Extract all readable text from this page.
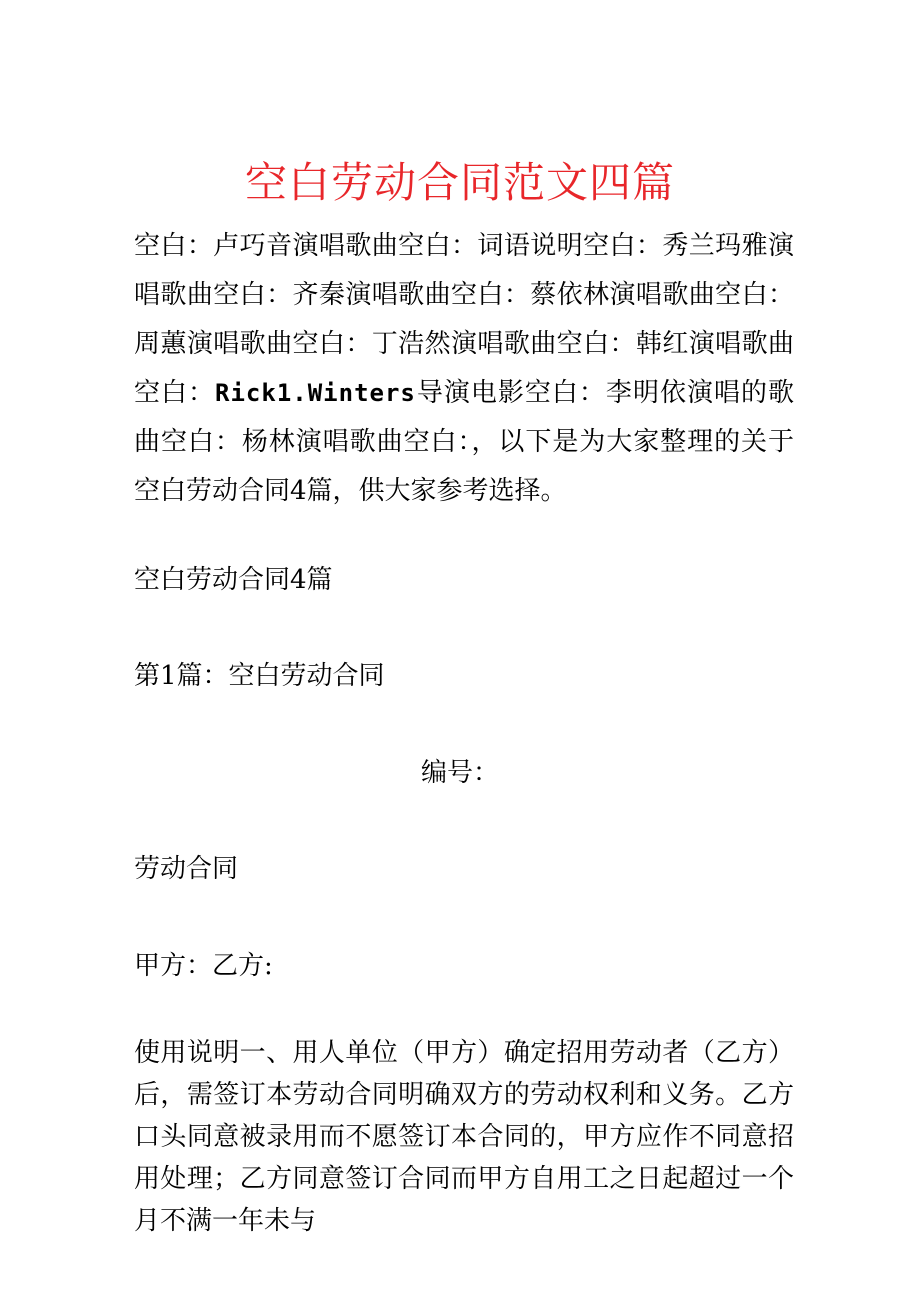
空白劳动合同范文四篇

空白：卢巧音演唱歌曲空白：词语说明空白：秀兰玛雅演唱歌曲空白：齐秦演唱歌曲空白：蔡依林演唱歌曲空白：周蕙演唱歌曲空白：丁浩然演唱歌曲空白：韩红演唱歌曲空白：Rick1.Winters导演电影空白：李明依演唱的歌曲空白：杨林演唱歌曲空白：，以下是为大家整理的关于空白劳动合同4篇，供大家参考选择。

空白劳动合同4篇

第1篇：空白劳动合同

编号：

劳动合同

甲方：乙方:

使用说明一、用人单位（甲方）确定招用劳动者（乙方）后，需签订本劳动合同明确双方的劳动权利和义务。乙方口头同意被录用而不愿签订本合同的，甲方应作不同意招用处理；乙方同意签订合同而甲方自用工之日起超过一个月不满一年未与
